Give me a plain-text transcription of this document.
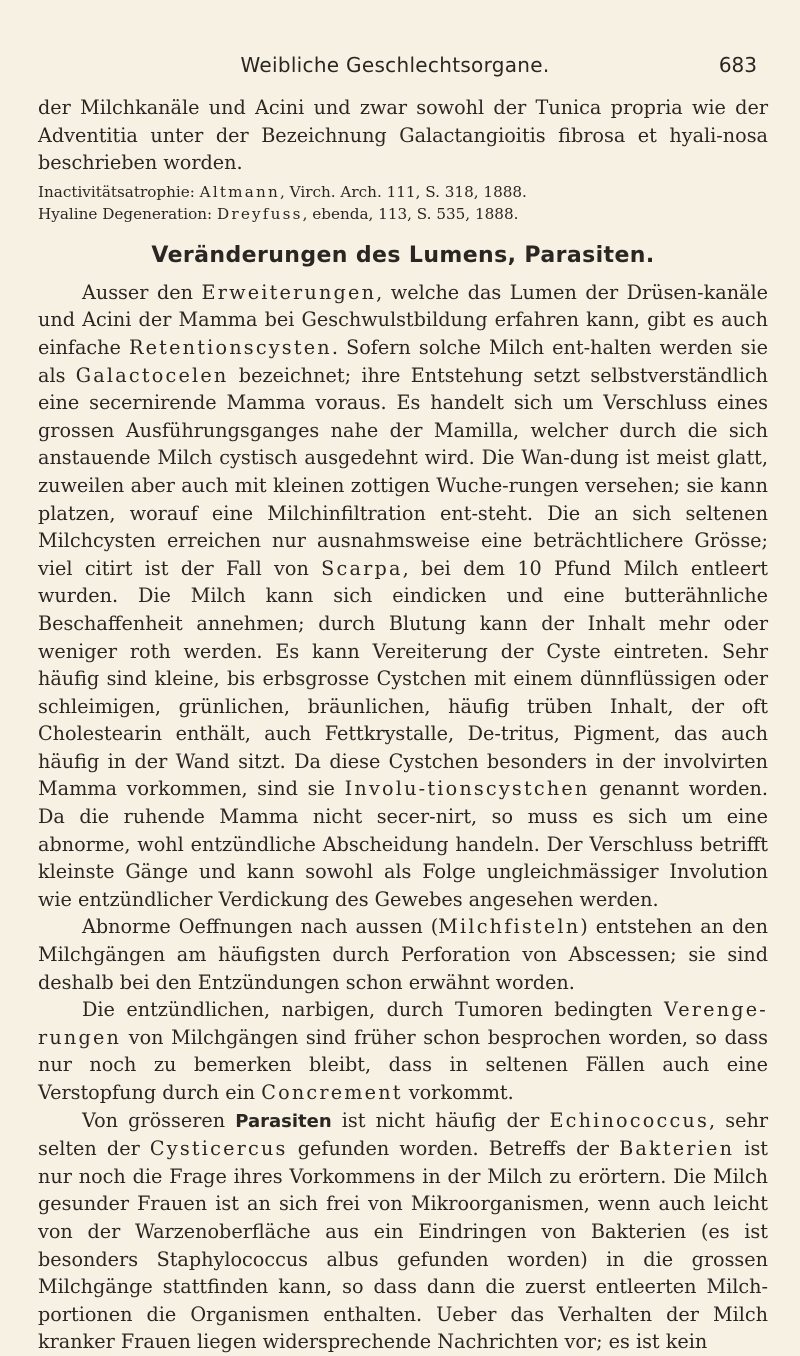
Weibliche Geschlechtsorgane.	683

der Milchkanäle und Acini und zwar sowohl der Tunica propria wie der Adventitia unter der Bezeichnung Galactangioitis fibrosa et hyali-nosa beschrieben worden.

Inactivitätsatrophie: Altmann, Virch. Arch. 111, S. 318, 1888.

Hyaline Degeneration: Dreyfuss, ebenda, 113, S. 535, 1888.

Veränderungen des Lumens, Parasiten.

Ausser den Erweiterungen, welche das Lumen der Drüsen-kanäle und Acini der Mamma bei Geschwulstbildung erfahren kann, gibt es auch einfache Retentionscysten. Sofern solche Milch ent-halten werden sie als Galactocelen bezeichnet; ihre Entstehung setzt selbstverständlich eine secernirende Mamma voraus. Es handelt sich um Verschluss eines grossen Ausführungsganges nahe der Mamilla, welcher durch die sich anstauende Milch cystisch ausgedehnt wird. Die Wan-dung ist meist glatt, zuweilen aber auch mit kleinen zottigen Wuche-rungen versehen; sie kann platzen, worauf eine Milchinfiltration ent-steht. Die an sich seltenen Milchcysten erreichen nur ausnahmsweise eine beträchtlichere Grösse; viel citirt ist der Fall von Scarpa, bei dem 10 Pfund Milch entleert wurden. Die Milch kann sich eindicken und eine butterähnliche Beschaffenheit annehmen; durch Blutung kann der Inhalt mehr oder weniger roth werden. Es kann Vereiterung der Cyste eintreten. Sehr häufig sind kleine, bis erbsgrosse Cystchen mit einem dünnflüssigen oder schleimigen, grünlichen, bräunlichen, häufig trüben Inhalt, der oft Cholestearin enthält, auch Fettkrystalle, De-tritus, Pigment, das auch häufig in der Wand sitzt. Da diese Cystchen besonders in der involvirten Mamma vorkommen, sind sie Involu-tionscystchen genannt worden. Da die ruhende Mamma nicht secer-nirt, so muss es sich um eine abnorme, wohl entzündliche Abscheidung handeln. Der Verschluss betrifft kleinste Gänge und kann sowohl als Folge ungleichmässiger Involution wie entzündlicher Verdickung des Gewebes angesehen werden.

Abnorme Oeffnungen nach aussen (Milchfisteln) entstehen an den Milchgängen am häufigsten durch Perforation von Abscessen; sie sind deshalb bei den Entzündungen schon erwähnt worden.

Die entzündlichen, narbigen, durch Tumoren bedingten Verenge-rungen von Milchgängen sind früher schon besprochen worden, so dass nur noch zu bemerken bleibt, dass in seltenen Fällen auch eine Verstopfung durch ein Concrement vorkommt.

Von grösseren Parasiten ist nicht häufig der Echinococcus, sehr selten der Cysticercus gefunden worden. Betreffs der Bakterien ist nur noch die Frage ihres Vorkommens in der Milch zu erörtern. Die Milch gesunder Frauen ist an sich frei von Mikroorganismen, wenn auch leicht von der Warzenoberfläche aus ein Eindringen von Bakterien (es ist besonders Staphylococcus albus gefunden worden) in die grossen Milchgänge stattfinden kann, so dass dann die zuerst entleerten Milch-portionen die Organismen enthalten. Ueber das Verhalten der Milch kranker Frauen liegen widersprechende Nachrichten vor; es ist kein
